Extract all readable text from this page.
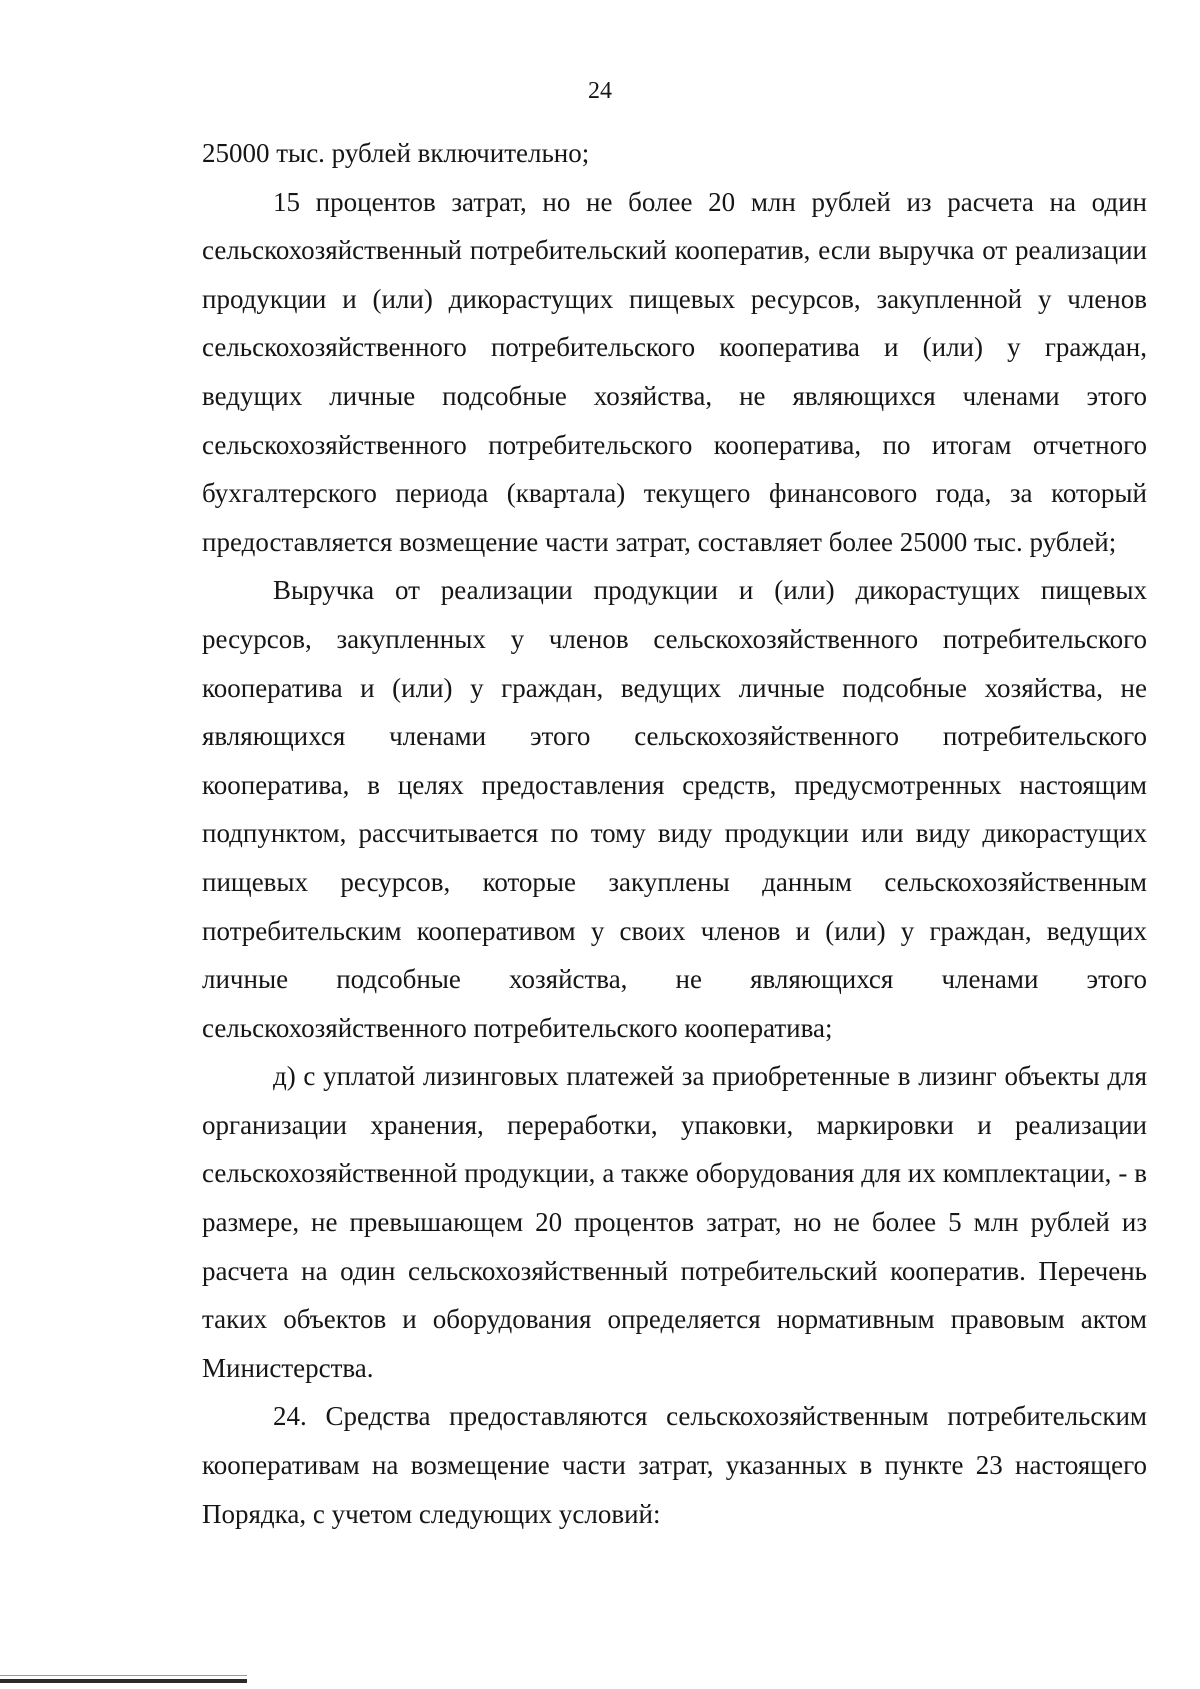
24

25000 тыс. рублей включительно;

15 процентов затрат, но не более 20 млн рублей из расчета на один сельскохозяйственный потребительский кооператив, если выручка от реализации продукции и (или) дикорастущих пищевых ресурсов, закупленной у членов сельскохозяйственного потребительского кооператива и (или) у граждан, ведущих личные подсобные хозяйства, не являющихся членами этого сельскохозяйственного потребительского кооператива, по итогам отчетного бухгалтерского периода (квартала) текущего финансового года, за который предоставляется возмещение части затрат, составляет более 25000 тыс. рублей;

Выручка от реализации продукции и (или) дикорастущих пищевых ресурсов, закупленных у членов сельскохозяйственного потребительского кооператива и (или) у граждан, ведущих личные подсобные хозяйства, не являющихся членами этого сельскохозяйственного потребительского кооператива, в целях предоставления средств, предусмотренных настоящим подпунктом, рассчитывается по тому виду продукции или виду дикорастущих пищевых ресурсов, которые закуплены данным сельскохозяйственным потребительским кооперативом у своих членов и (или) у граждан, ведущих личные подсобные хозяйства, не являющихся членами этого сельскохозяйственного потребительского кооператива;

д) с уплатой лизинговых платежей за приобретенные в лизинг объекты для организации хранения, переработки, упаковки, маркировки и реализации сельскохозяйственной продукции, а также оборудования для их комплектации, - в размере, не превышающем 20 процентов затрат, но не более 5 млн рублей из расчета на один сельскохозяйственный потребительский кооператив. Перечень таких объектов и оборудования определяется нормативным правовым актом Министерства.

24. Средства предоставляются сельскохозяйственным потребительским кооперативам на возмещение части затрат, указанных в пункте 23 настоящего Порядка, с учетом следующих условий:
